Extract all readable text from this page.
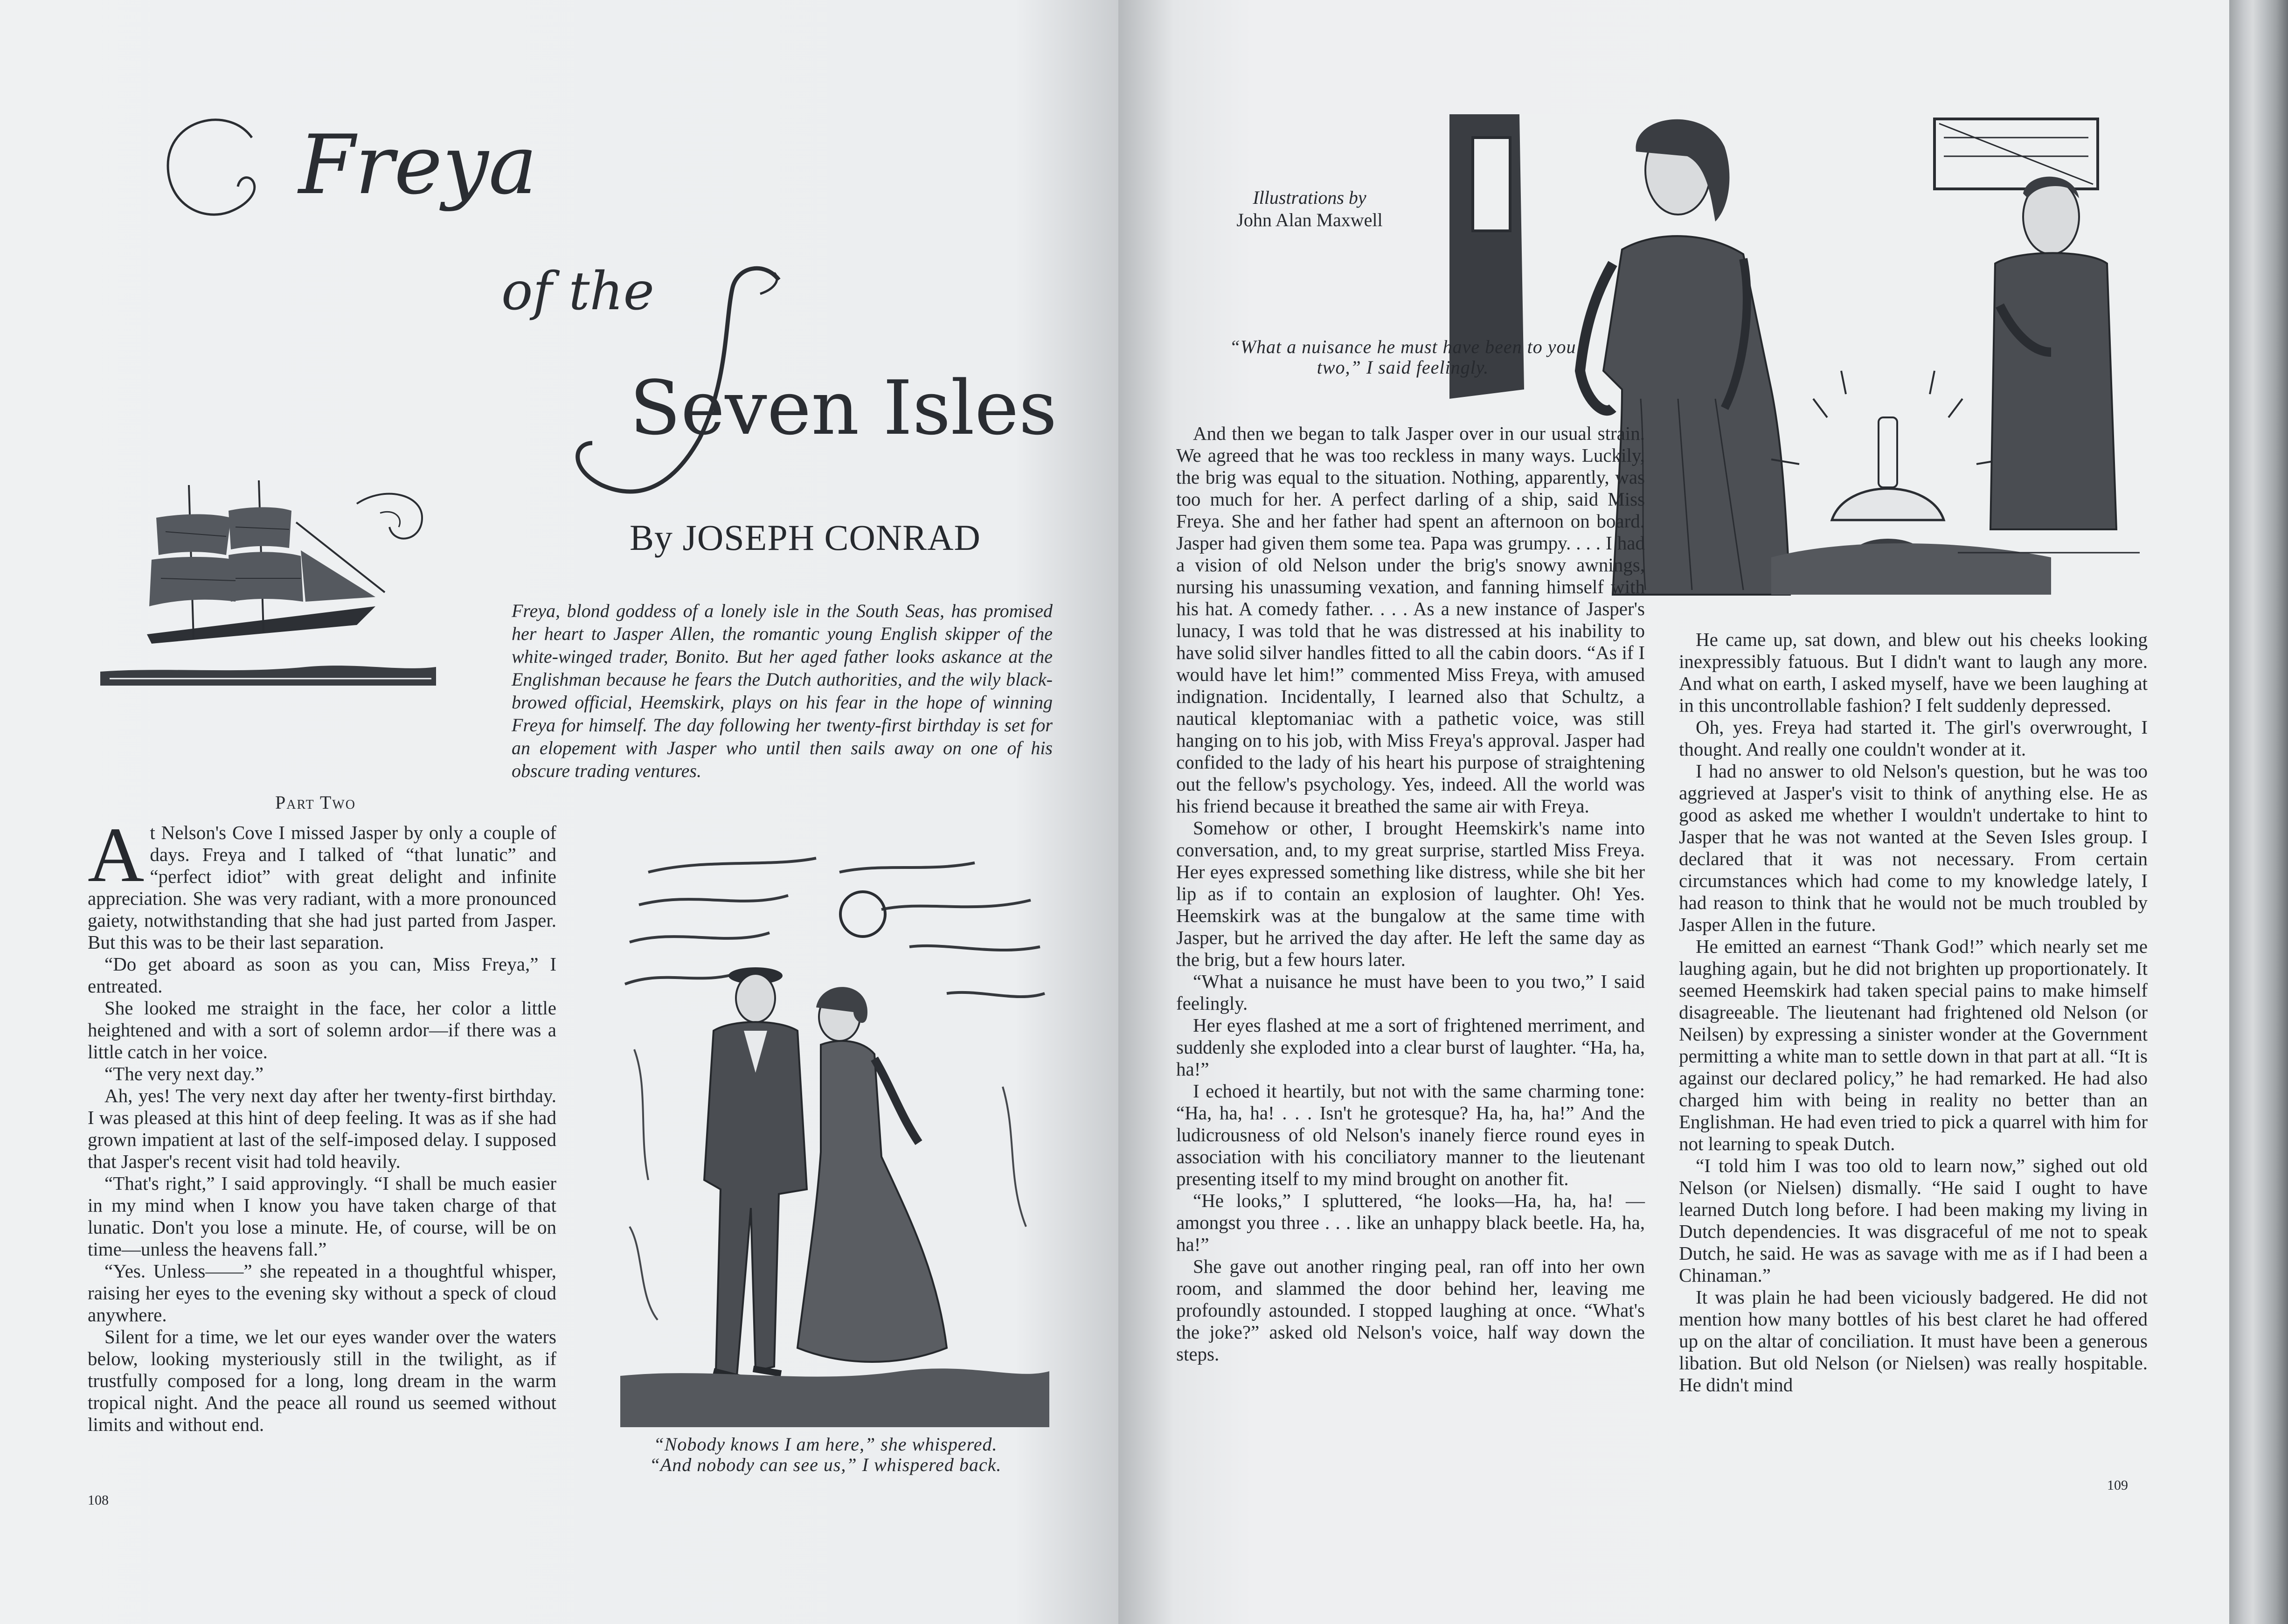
Freya
of the
Seven Isles
By JOSEPH CONRAD
Freya, blond goddess of a lonely isle in the South Seas, has promised her heart to Jasper Allen, the romantic young English skipper of the white-winged trader, Bonito. But her aged father looks askance at the Englishman because he fears the Dutch authorities, and the wily black-browed official, Heemskirk, plays on his fear in the hope of winning Freya for himself. The day following her twenty-first birthday is set for an elopement with Jasper who until then sails away on one of his obscure trading ventures.
Part Two

At Nelson's Cove I missed Jasper by only a couple of days. Freya and I talked of “that lunatic” and “perfect idiot” with great delight and infinite appreciation. She was very radiant, with a more pronounced gaiety, notwithstanding that she had just parted from Jasper. But this was to be their last separation.

“Do get aboard as soon as you can, Miss Freya,” I entreated.

She looked me straight in the face, her color a little heightened and with a sort of solemn ardor—if there was a little catch in her voice.

“The very next day.”

Ah, yes! The very next day after her twenty-first birthday. I was pleased at this hint of deep feeling. It was as if she had grown impatient at last of the self-imposed delay. I supposed that Jasper's recent visit had told heavily.

“That's right,” I said approvingly. “I shall be much easier in my mind when I know you have taken charge of that lunatic. Don't you lose a minute. He, of course, will be on time—unless the heavens fall.”

“Yes. Unless——” she repeated in a thoughtful whisper, raising her eyes to the evening sky without a speck of cloud anywhere.

Silent for a time, we let our eyes wander over the waters below, looking mysteriously still in the twilight, as if trustfully composed for a long, long dream in the warm tropical night. And the peace all round us seemed without limits and without end.

“Nobody knows I am here,” she whispered. “And nobody can see us,” I whispered back.
108
Illustrations by
John Alan Maxwell
“What a nuisance he must have been to you two,” I said feelingly.

And then we began to talk Jasper over in our usual strain. We agreed that he was too reckless in many ways. Luckily, the brig was equal to the situation. Nothing, apparently, was too much for her. A perfect darling of a ship, said Miss Freya. She and her father had spent an afternoon on board. Jasper had given them some tea. Papa was grumpy. . . . I had a vision of old Nelson under the brig's snowy awnings, nursing his unassuming vexation, and fanning himself with his hat. A comedy father. . . . As a new instance of Jasper's lunacy, I was told that he was distressed at his inability to have solid silver handles fitted to all the cabin doors. “As if I would have let him!” commented Miss Freya, with amused indignation. Incidentally, I learned also that Schultz, a nautical kleptomaniac with a pathetic voice, was still hanging on to his job, with Miss Freya's approval. Jasper had confided to the lady of his heart his purpose of straightening out the fellow's psychology. Yes, indeed. All the world was his friend because it breathed the same air with Freya.

Somehow or other, I brought Heemskirk's name into conversation, and, to my great surprise, startled Miss Freya. Her eyes expressed something like distress, while she bit her lip as if to contain an explosion of laughter. Oh! Yes. Heemskirk was at the bungalow at the same time with Jasper, but he arrived the day after. He left the same day as the brig, but a few hours later.

“What a nuisance he must have been to you two,” I said feelingly.

Her eyes flashed at me a sort of frightened merriment, and suddenly she exploded into a clear burst of laughter. “Ha, ha, ha!”

I echoed it heartily, but not with the same charming tone: “Ha, ha, ha! . . . Isn't he grotesque? Ha, ha, ha!” And the ludicrousness of old Nelson's inanely fierce round eyes in association with his conciliatory manner to the lieutenant presenting itself to my mind brought on another fit.

“He looks,” I spluttered, “he looks—Ha, ha, ha! —amongst you three . . . like an unhappy black beetle. Ha, ha, ha!”

She gave out another ringing peal, ran off into her own room, and slammed the door behind her, leaving me profoundly astounded. I stopped laughing at once. “What's the joke?” asked old Nelson's voice, half way down the steps.

He came up, sat down, and blew out his cheeks looking inexpressibly fatuous. But I didn't want to laugh any more. And what on earth, I asked myself, have we been laughing at in this uncontrollable fashion? I felt suddenly depressed.

Oh, yes. Freya had started it. The girl's overwrought, I thought. And really one couldn't wonder at it.

I had no answer to old Nelson's question, but he was too aggrieved at Jasper's visit to think of anything else. He as good as asked me whether I wouldn't undertake to hint to Jasper that he was not wanted at the Seven Isles group. I declared that it was not necessary. From certain circumstances which had come to my knowledge lately, I had reason to think that he would not be much troubled by Jasper Allen in the future.

He emitted an earnest “Thank God!” which nearly set me laughing again, but he did not brighten up proportionately. It seemed Heemskirk had taken special pains to make himself disagreeable. The lieutenant had frightened old Nelson (or Neilsen) by expressing a sinister wonder at the Government permitting a white man to settle down in that part at all. “It is against our declared policy,” he had remarked. He had also charged him with being in reality no better than an Englishman. He had even tried to pick a quarrel with him for not learning to speak Dutch.

“I told him I was too old to learn now,” sighed out old Nelson (or Nielsen) dismally. “He said I ought to have learned Dutch long before. I had been making my living in Dutch dependencies. It was disgraceful of me not to speak Dutch, he said. He was as savage with me as if I had been a Chinaman.”

It was plain he had been viciously badgered. He did not mention how many bottles of his best claret he had offered up on the altar of conciliation. It must have been a generous libation. But old Nelson (or Nielsen) was really hospitable. He didn't mind

109
